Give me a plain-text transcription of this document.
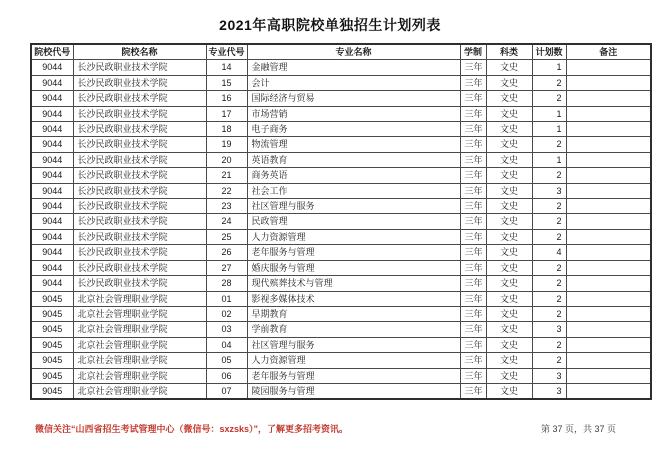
2021年高职院校单独招生计划列表
院校代号	院校名称	专业代号	专业名称	学制	科类	计划数	备注
9044	长沙民政职业技术学院	14	金融管理	三年	文史	1	
9044	长沙民政职业技术学院	15	会计	三年	文史	2	
9044	长沙民政职业技术学院	16	国际经济与贸易	三年	文史	2	
9044	长沙民政职业技术学院	17	市场营销	三年	文史	1	
9044	长沙民政职业技术学院	18	电子商务	三年	文史	1	
9044	长沙民政职业技术学院	19	物流管理	三年	文史	2	
9044	长沙民政职业技术学院	20	英语教育	三年	文史	1	
9044	长沙民政职业技术学院	21	商务英语	三年	文史	2	
9044	长沙民政职业技术学院	22	社会工作	三年	文史	3	
9044	长沙民政职业技术学院	23	社区管理与服务	三年	文史	2	
9044	长沙民政职业技术学院	24	民政管理	三年	文史	2	
9044	长沙民政职业技术学院	25	人力资源管理	三年	文史	2	
9044	长沙民政职业技术学院	26	老年服务与管理	三年	文史	4	
9044	长沙民政职业技术学院	27	婚庆服务与管理	三年	文史	2	
9044	长沙民政职业技术学院	28	现代殡葬技术与管理	三年	文史	2	
9045	北京社会管理职业学院	01	影视多媒体技术	三年	文史	2	
9045	北京社会管理职业学院	02	早期教育	三年	文史	2	
9045	北京社会管理职业学院	03	学前教育	三年	文史	3	
9045	北京社会管理职业学院	04	社区管理与服务	三年	文史	2	
9045	北京社会管理职业学院	05	人力资源管理	三年	文史	2	
9045	北京社会管理职业学院	06	老年服务与管理	三年	文史	3	
9045	北京社会管理职业学院	07	陵园服务与管理	三年	文史	3	
微信关注“山西省招生考试管理中心（微信号：sxzsks）”，了解更多招考资讯。	第 37 页，共 37 页
